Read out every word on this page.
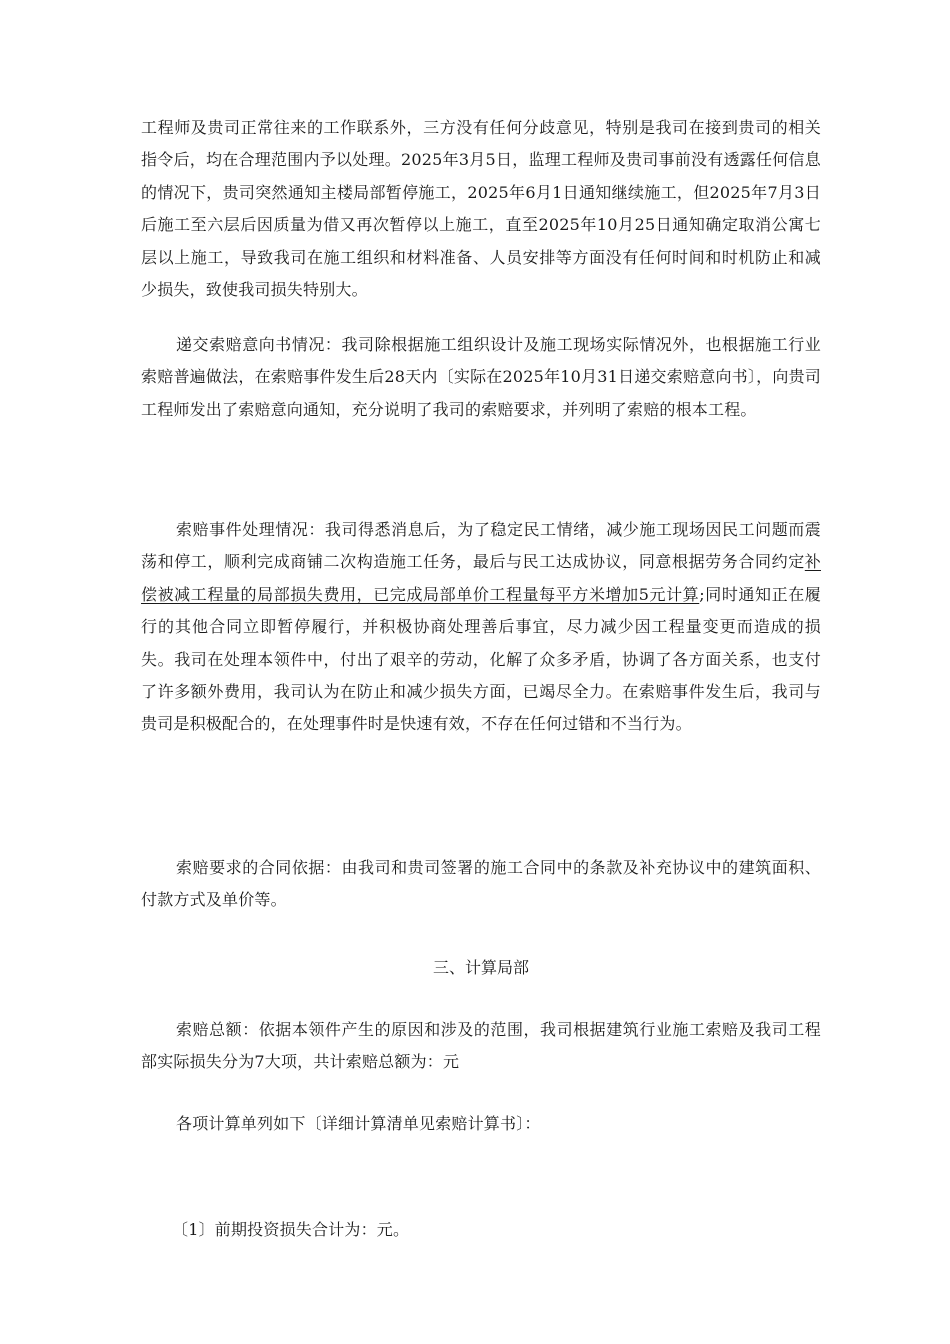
工程师及贵司正常往来的工作联系外，三方没有任何分歧意见，特别是我司在接到贵司的相关指令后，均在合理范围内予以处理。2025年3月5日，监理工程师及贵司事前没有透露任何信息的情况下，贵司突然通知主楼局部暂停施工，2025年6月1日通知继续施工，但2025年7月3日后施工至六层后因质量为借又再次暂停以上施工，直至2025年10月25日通知确定取消公寓七层以上施工，导致我司在施工组织和材料准备、人员安排等方面没有任何时间和时机防止和减少损失，致使我司损失特别大。

递交索赔意向书情况：我司除根据施工组织设计及施工现场实际情况外，也根据施工行业索赔普遍做法，在索赔事件发生后28天内〔实际在2025年10月31日递交索赔意向书〕，向贵司工程师发出了索赔意向通知，充分说明了我司的索赔要求，并列明了索赔的根本工程。

索赔事件处理情况：我司得悉消息后，为了稳定民工情绪，减少施工现场因民工问题而震荡和停工，顺利完成商铺二次构造施工任务，最后与民工达成协议，同意根据劳务合同约定补偿被减工程量的局部损失费用，已完成局部单价工程量每平方米增加5元计算;同时通知正在履行的其他合同立即暂停履行，并积极协商处理善后事宜，尽力减少因工程量变更而造成的损失。我司在处理本领件中，付出了艰辛的劳动，化解了众多矛盾，协调了各方面关系，也支付了许多额外费用，我司认为在防止和减少损失方面，已竭尽全力。在索赔事件发生后，我司与贵司是积极配合的，在处理事件时是快速有效，不存在任何过错和不当行为。

索赔要求的合同依据：由我司和贵司签署的施工合同中的条款及补充协议中的建筑面积、付款方式及单价等。

三、计算局部

索赔总额：依据本领件产生的原因和涉及的范围，我司根据建筑行业施工索赔及我司工程部实际损失分为7大项，共计索赔总额为：元

各项计算单列如下〔详细计算清单见索赔计算书〕：

〔1〕前期投资损失合计为：元。
